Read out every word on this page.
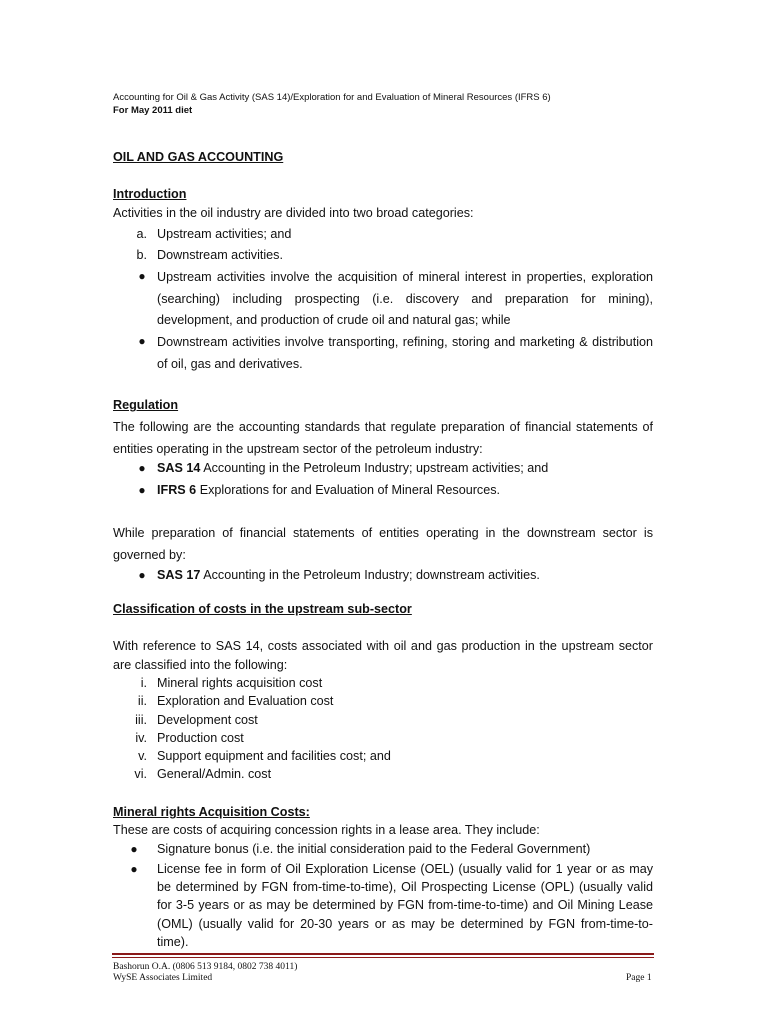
Accounting for Oil & Gas Activity (SAS 14)/Exploration for and Evaluation of Mineral Resources (IFRS 6)
For May 2011 diet
OIL AND GAS ACCOUNTING
Introduction
Activities in the oil industry are divided into two broad categories:
a. Upstream activities; and
b. Downstream activities.
● Upstream activities involve the acquisition of mineral interest in properties, exploration (searching) including prospecting (i.e. discovery and preparation for mining), development, and production of crude oil and natural gas; while
● Downstream activities involve transporting, refining, storing and marketing & distribution of oil, gas and derivatives.
Regulation
The following are the accounting standards that regulate preparation of financial statements of entities operating in the upstream sector of the petroleum industry:
● SAS 14 Accounting in the Petroleum Industry; upstream activities; and
● IFRS 6 Explorations for and Evaluation of Mineral Resources.
While preparation of financial statements of entities operating in the downstream sector is governed by:
● SAS 17 Accounting in the Petroleum Industry; downstream activities.
Classification of costs in the upstream sub-sector
With reference to SAS 14, costs associated with oil and gas production in the upstream sector are classified into the following:
i. Mineral rights acquisition cost
ii. Exploration and Evaluation cost
iii. Development cost
iv. Production cost
v. Support equipment and facilities cost; and
vi. General/Admin. cost
Mineral rights Acquisition Costs:
These are costs of acquiring concession rights in a lease area. They include:
●	Signature bonus (i.e. the initial consideration paid to the Federal Government)
●	License fee in form of Oil Exploration License (OEL) (usually valid for 1 year or as may be determined by FGN from-time-to-time), Oil Prospecting License (OPL) (usually valid for 3-5 years or as may be determined by FGN from-time-to-time) and Oil Mining Lease (OML) (usually valid for 20-30 years or as may be determined by FGN from-time-to-time).
Bashorun O.A. (0806 513 9184, 0802 738 4011)
WySE Associates Limited	Page 1
